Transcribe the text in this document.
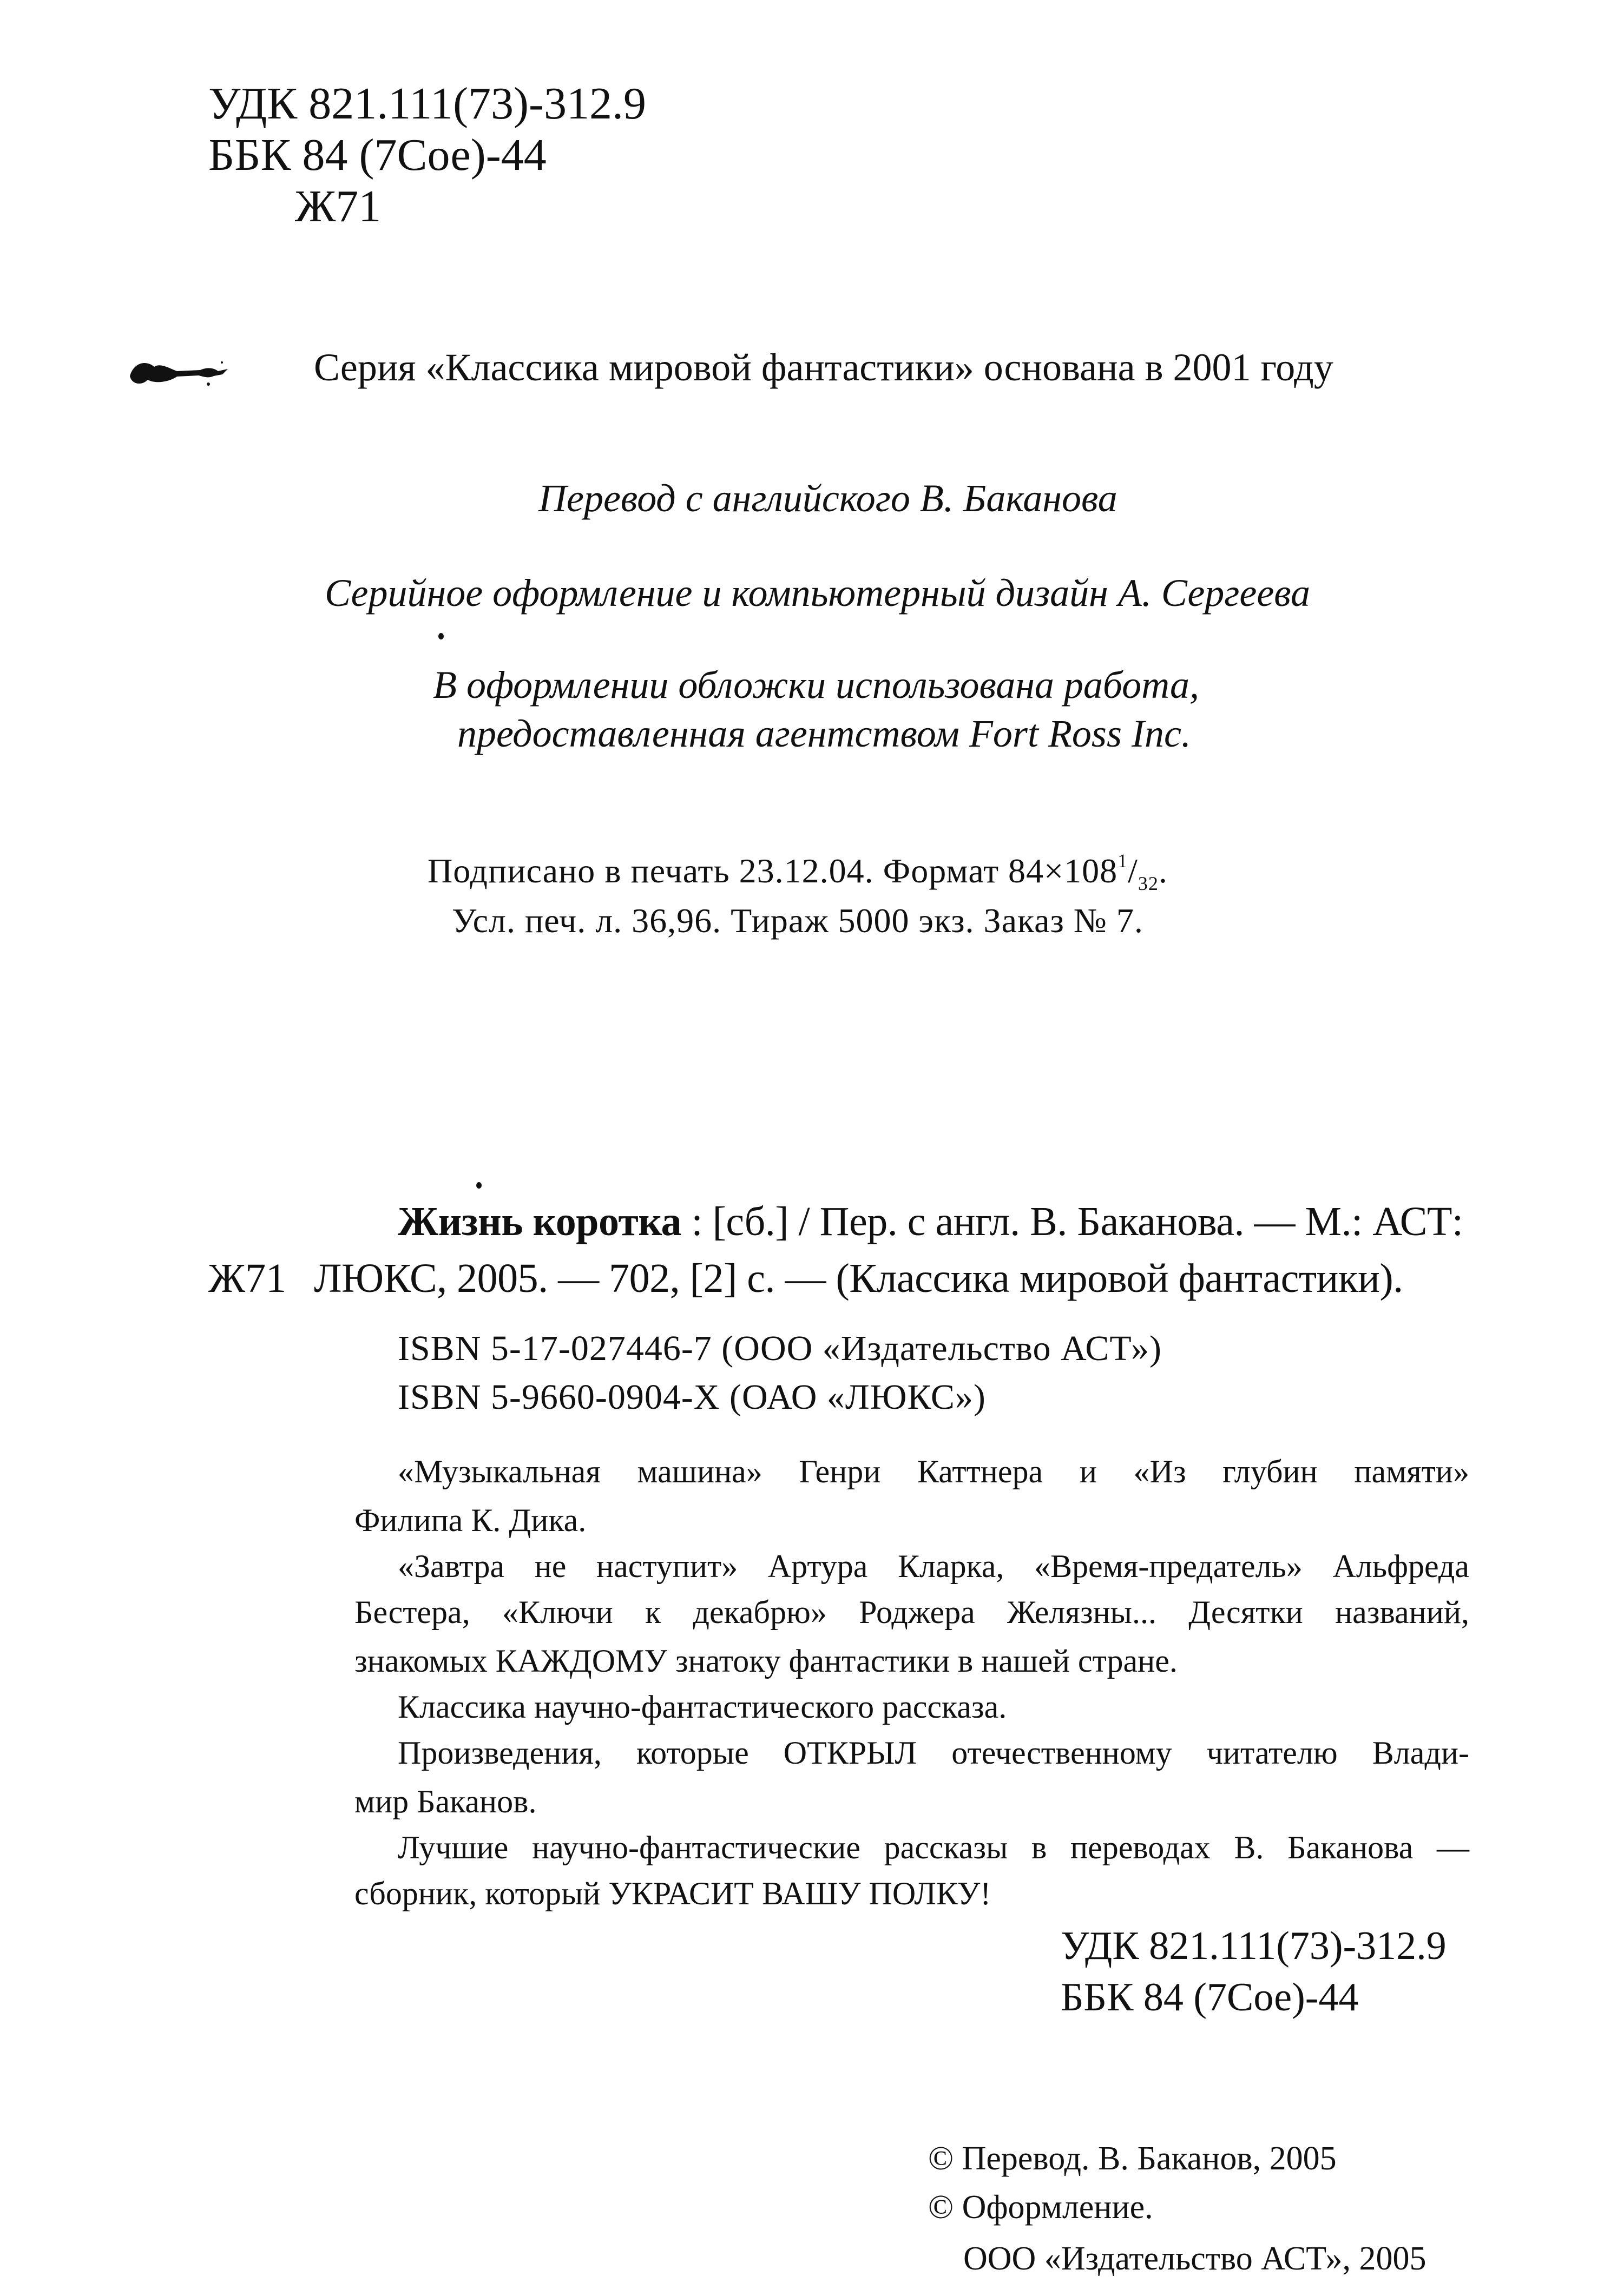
УДК 821.111(73)-312.9
ББК 84 (7Сое)-44
Ж71
Серия «Классика мировой фантастики» основана в 2001 году
Перевод с английского В. Баканова
Серийное оформление и компьютерный дизайн А. Сергеева
В оформлении обложки использована работа,
предоставленная агентством Fort Ross Inc.
Подписано в печать 23.12.04. Формат $84\times 108^1/_{32}$.
Усл. печ. л. 36,96. Тираж 5000 экз. Заказ № 7.
Жизнь коротка : [сб.] / Пер. с англ. В. Баканова. — М.: АСТ:
Ж71 ЛЮКС, 2005. — 702, [2] с. — (Классика мировой фантастики).
ISBN 5-17-027446-7 (ООО «Издательство АСТ»)
ISBN 5-9660-0904-X (ОАО «ЛЮКС»)
«Музыкальная машина» Генри Каттнера и «Из глубин памяти»
Филипа К. Дика.
«Завтра не наступит» Артура Кларка, «Время-предатель» Альфреда
Бестера, «Ключи к декабрю» Роджера Желязны... Десятки названий,
знакомых КАЖДОМУ знатоку фантастики в нашей стране.
Классика научно-фантастического рассказа.
Произведения, которые ОТКРЫЛ отечественному читателю Влади-
мир Баканов.
Лучшие научно-фантастические рассказы в переводах В. Баканова —
сборник, который УКРАСИТ ВАШУ ПОЛКУ!
УДК 821.111(73)-312.9
ББК 84 (7Сое)-44
© Перевод. В. Баканов, 2005
© Оформление.
ООО «Издательство АСТ», 2005
